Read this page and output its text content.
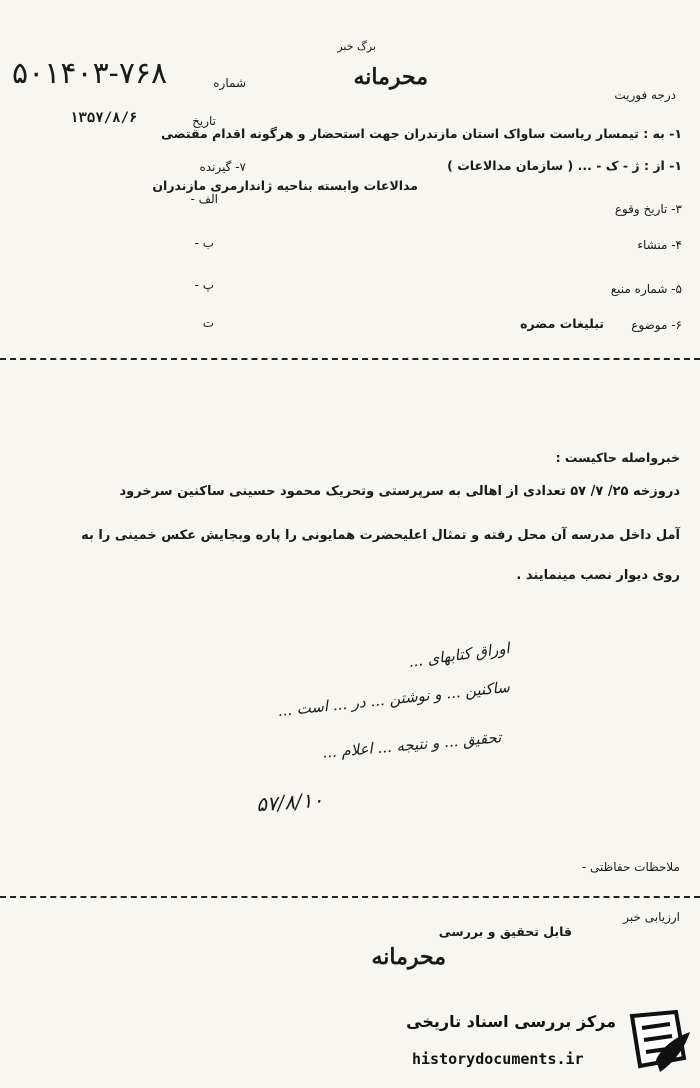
برگ خبر
۵۰۱۴۰۳-۷۶۸	شماره	محرمانه
درجه فوریت
۱۳۵۷/۸/۶	تاریخ
۱- به : تیمسار ریاست ساواک استان مازندران جهت استحضار و هرگونه اقدام مقتضی
۷- گیرنده	۱- از : ژ - ک - ... ( سازمان مدالاعات )
مدالاعات وابسته بناحیه ژاندارمری مازندران
الف -
۳- تاریخ وقوع
ب -	۴- منشاء
پ -	۵- شماره منبع
ت	۶- موضوع
تبلیغات مضره
خبرواصله حاکیست :
دروزخه ۲۵/ ۷/ ۵۷ تعدادی از اهالی به سرپرستی وتحریک محمود حسینی ساکنین سرخرود
آمل داخل مدرسه آن محل رفته و تمثال اعلیحضرت همایونی را پاره وبجایش عکس خمینی را به
روی دیوار نصب مینمایند .
اوراق کتابهای ...
ساکنین ... و نوشتن ... در ... است ...
تحقیق ... و نتیجه ... اعلام ...
۵۷/۸/۱۰
ملاحظات حفاظتی -
ارزیابی خبر
قابل تحقیق و بررسی
محرمانه
مرکز بررسی اسناد تاریخی
historydocuments.ir
